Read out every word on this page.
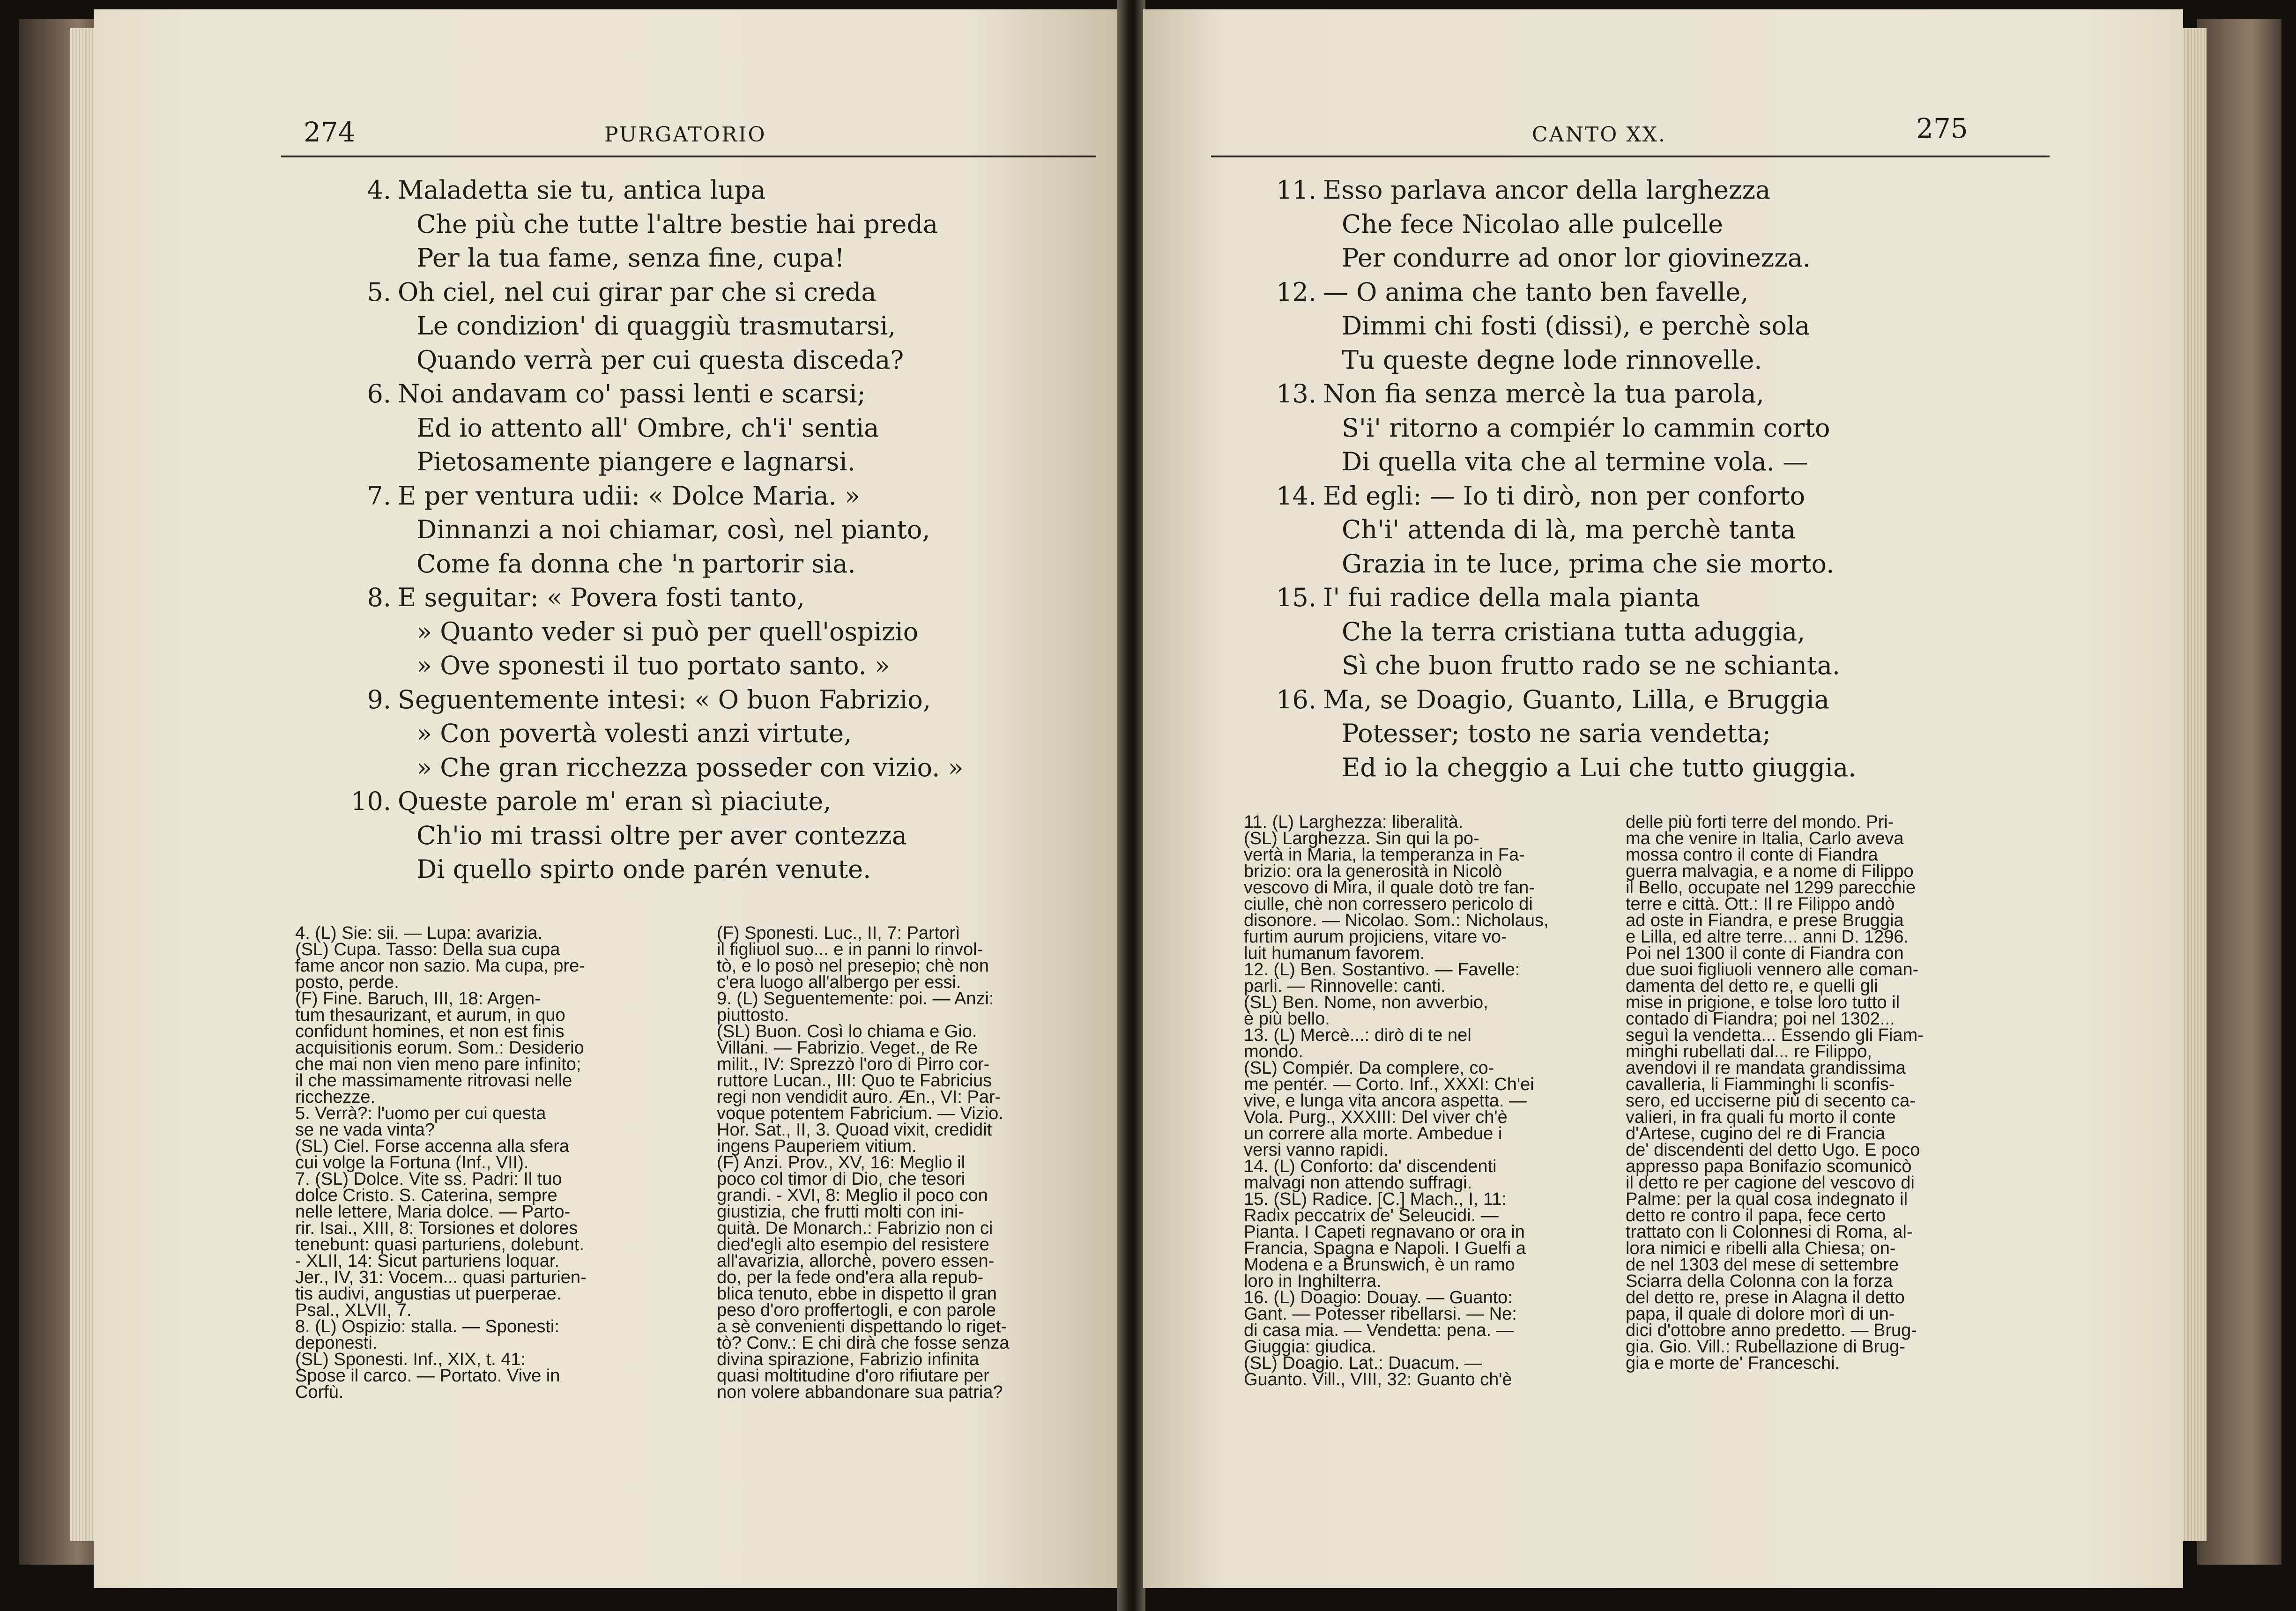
274	PURGATORIO
4. Maladetta sie tu, antica lupa
Che più che tutte l'altre bestie hai preda
Per la tua fame, senza fine, cupa!
5. Oh ciel, nel cui girar par che si creda
Le condizion' di quaggiù trasmutarsi,
Quando verrà per cui questa disceda?
6. Noi andavam co' passi lenti e scarsi;
Ed io attento all' Ombre, ch'i' sentia
Pietosamente piangere e lagnarsi.
7. E per ventura udii: « Dolce Maria. »
Dinnanzi a noi chiamar, così, nel pianto,
Come fa donna che 'n partorir sia.
8. E seguitar: « Povera fosti tanto,
» Quanto veder si può per quell'ospizio
» Ove sponesti il tuo portato santo. »
9. Seguentemente intesi: « O buon Fabrizio,
» Con povertà volesti anzi virtute,
» Che gran ricchezza posseder con vizio. »
10. Queste parole m' eran sì piaciute,
Ch'io mi trassi oltre per aver contezza
Di quello spirto onde parén venute.

4. (L) Sie: sii. — Lupa: avarizia.

(SL) Cupa. Tasso: Della sua cupa

fame ancor non sazio. Ma cupa, pre-

posto, perde.

(F) Fine. Baruch, III, 18: Argen-

tum thesaurizant, et aurum, in quo

confidunt homines, et non est finis

acquisitionis eorum. Som.: Desiderio

che mai non vien meno pare infinito;

il che massimamente ritrovasi nelle

ricchezze.

5. Verrà?: l'uomo per cui questa

se ne vada vinta?

(SL) Ciel. Forse accenna alla sfera

cui volge la Fortuna (Inf., VII).

7. (SL) Dolce. Vite ss. Padri: Il tuo

dolce Cristo. S. Caterina, sempre

nelle lettere, Maria dolce. — Parto-

rir. Isai., XIII, 8: Torsiones et dolores

tenebunt: quasi parturiens, dolebunt.

- XLII, 14: Sicut parturiens loquar.

Jer., IV, 31: Vocem... quasi parturien-

tis audivi, angustias ut puerperae.

Psal., XLVII, 7.

8. (L) Ospizio: stalla. — Sponesti:

deponesti.

(SL) Sponesti. Inf., XIX, t. 41:

Spose il carco. — Portato. Vive in

Corfù.

(F) Sponesti. Luc., II, 7: Partorì

il figliuol suo... e in panni lo rinvol-

tò, e lo posò nel presepio; chè non

c'era luogo all'albergo per essi.

9. (L) Seguentemente: poi. — Anzi:

piuttosto.

(SL) Buon. Così lo chiama e Gio.

Villani. — Fabrizio. Veget., de Re

milit., IV: Sprezzò l'oro di Pirro cor-

ruttore Lucan., III: Quo te Fabricius

regi non vendidit auro. Æn., VI: Par-

voque potentem Fabricium. — Vizio.

Hor. Sat., II, 3. Quoad vixit, credidit

ingens Pauperiem vitium.

(F) Anzi. Prov., XV, 16: Meglio il

poco col timor di Dio, che tesori

grandi. - XVI, 8: Meglio il poco con

giustizia, che frutti molti con ini-

quità. De Monarch.: Fabrizio non ci

died'egli alto esempio del resistere

all'avarizia, allorchè, povero essen-

do, per la fede ond'era alla repub-

blica tenuto, ebbe in dispetto il gran

peso d'oro proffertogli, e con parole

a sè convenienti dispettando lo riget-

tò? Conv.: E chi dirà che fosse senza

divina spirazione, Fabrizio infinita

quasi moltitudine d'oro rifiutare per

non volere abbandonare sua patria?

CANTO XX.	275
11. Esso parlava ancor della larghezza
Che fece Nicolao alle pulcelle
Per condurre ad onor lor giovinezza.
12. — O anima che tanto ben favelle,
Dimmi chi fosti (dissi), e perchè sola
Tu queste degne lode rinnovelle.
13. Non fia senza mercè la tua parola,
S'i' ritorno a compiér lo cammin corto
Di quella vita che al termine vola. —
14. Ed egli: — Io ti dirò, non per conforto
Ch'i' attenda di là, ma perchè tanta
Grazia in te luce, prima che sie morto.
15. I' fui radice della mala pianta
Che la terra cristiana tutta aduggia,
Sì che buon frutto rado se ne schianta.
16. Ma, se Doagio, Guanto, Lilla, e Bruggia
Potesser; tosto ne saria vendetta;
Ed io la cheggio a Lui che tutto giuggia.

11. (L) Larghezza: liberalità.

(SL) Larghezza. Sin qui la po-

vertà in Maria, la temperanza in Fa-

brizio: ora la generosità in Nicolò

vescovo di Mira, il quale dotò tre fan-

ciulle, chè non corressero pericolo di

disonore. — Nicolao. Som.: Nicholaus,

furtim aurum projiciens, vitare vo-

luit humanum favorem.

12. (L) Ben. Sostantivo. — Favelle:

parli. — Rinnovelle: canti.

(SL) Ben. Nome, non avverbio,

è più bello.

13. (L) Mercè...: dirò di te nel

mondo.

(SL) Compiér. Da complere, co-

me pentér. — Corto. Inf., XXXI: Ch'ei

vive, e lunga vita ancora aspetta. —

Vola. Purg., XXXIII: Del viver ch'è

un correre alla morte. Ambedue i

versi vanno rapidi.

14. (L) Conforto: da' discendenti

malvagi non attendo suffragi.

15. (SL) Radice. [C.] Mach., I, 11:

Radix peccatrix de' Seleucidi. —

Pianta. I Capeti regnavano or ora in

Francia, Spagna e Napoli. I Guelfi a

Modena e a Brunswich, è un ramo

loro in Inghilterra.

16. (L) Doagio: Douay. — Guanto:

Gant. — Potesser ribellarsi. — Ne:

di casa mia. — Vendetta: pena. —

Giuggia: giudica.

(SL) Doagio. Lat.: Duacum. —

Guanto. Vill., VIII, 32: Guanto ch'è

delle più forti terre del mondo. Pri-

ma che venire in Italia, Carlo aveva

mossa contro il conte di Fiandra

guerra malvagia, e a nome di Filippo

il Bello, occupate nel 1299 parecchie

terre e città. Ott.: Il re Filippo andò

ad oste in Fiandra, e prese Bruggia

e Lilla, ed altre terre... anni D. 1296.

Poi nel 1300 il conte di Fiandra con

due suoi figliuoli vennero alle coman-

damenta del detto re, e quelli gli

mise in prigione, e tolse loro tutto il

contado di Fiandra; poi nel 1302...

seguì la vendetta... Essendo gli Fiam-

minghi rubellati dal... re Filippo,

avendovi il re mandata grandissima

cavalleria, li Fiamminghi li sconfis-

sero, ed ucciserne più di secento ca-

valieri, in fra quali fu morto il conte

d'Artese, cugino del re di Francia

de' discendenti del detto Ugo. E poco

appresso papa Bonifazio scomunicò

il detto re per cagione del vescovo di

Palme: per la qual cosa indegnato il

detto re contro il papa, fece certo

trattato con li Colonnesi di Roma, al-

lora nimici e ribelli alla Chiesa; on-

de nel 1303 del mese di settembre

Sciarra della Colonna con la forza

del detto re, prese in Alagna il detto

papa, il quale di dolore morì di un-

dici d'ottobre anno predetto. — Brug-

gia. Gio. Vill.: Rubellazione di Brug-

gia e morte de' Franceschi.
